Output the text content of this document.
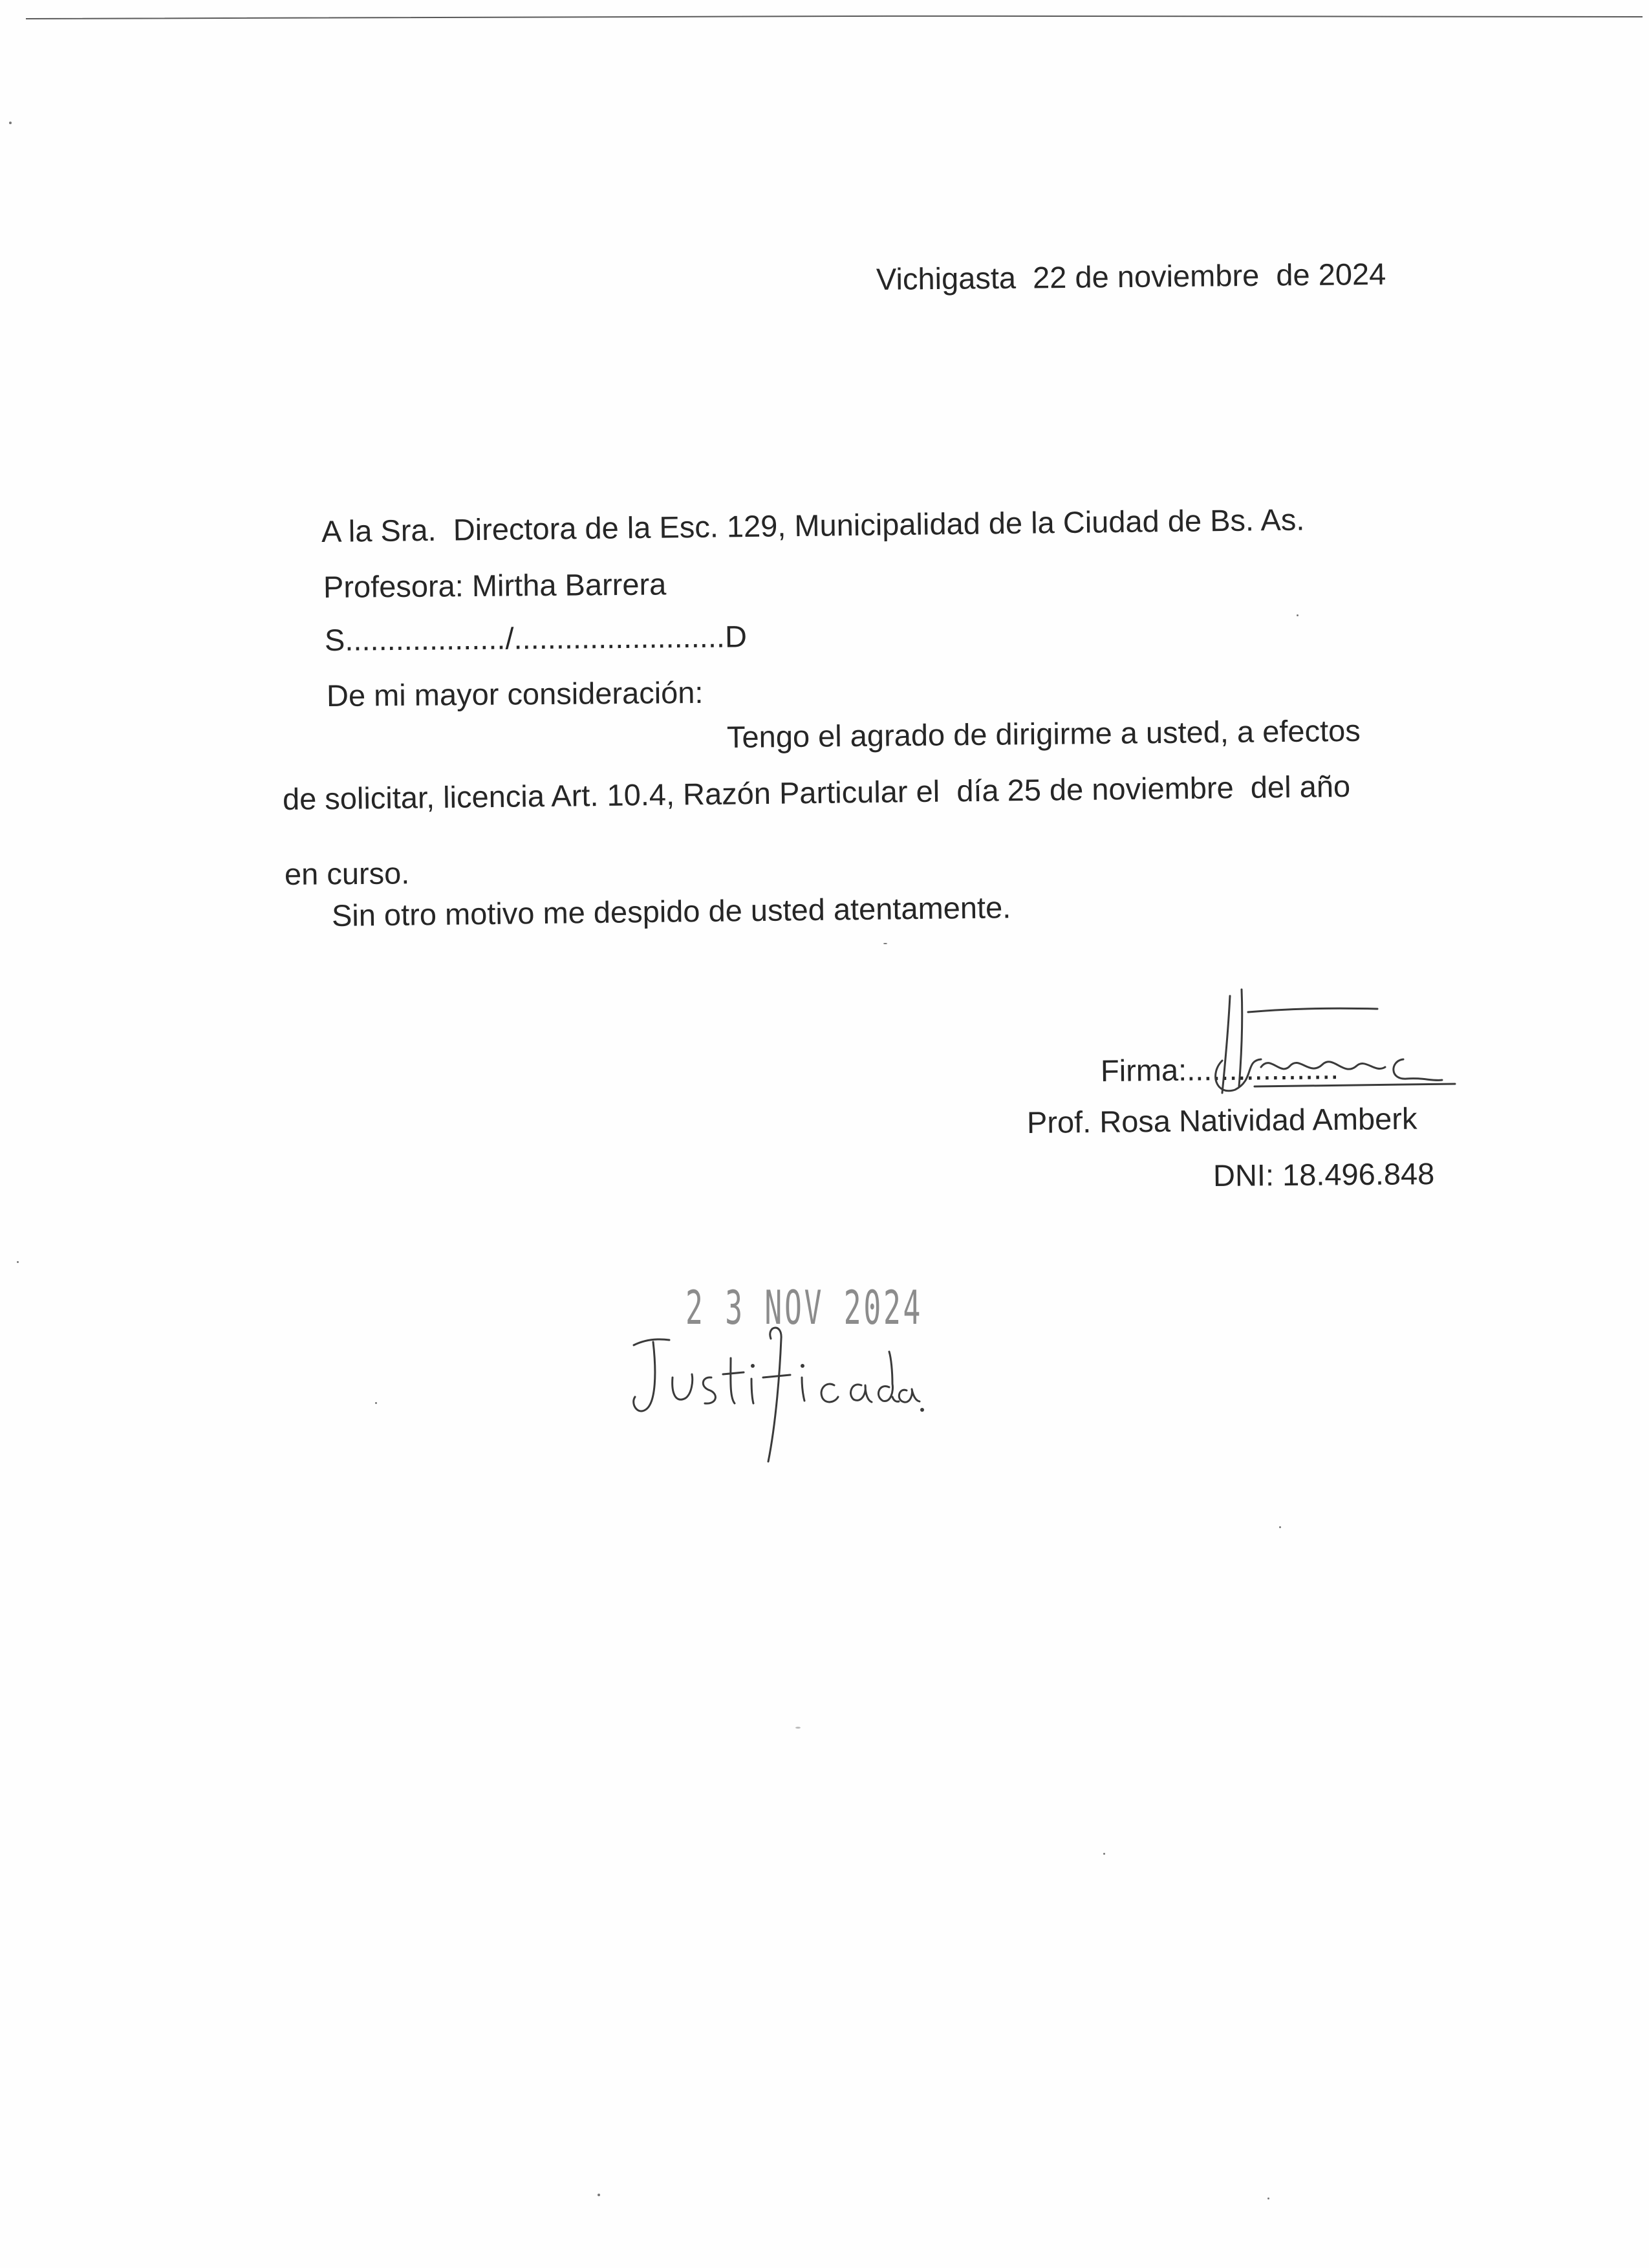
Vichigasta  22 de noviembre  de 2024
A la Sra.  Directora de la Esc. 129, Municipalidad de la Ciudad de Bs. As.
Profesora: Mirtha Barrera
S.................../.........................D
De mi mayor consideración:
Tengo el agrado de dirigirme a usted, a efectos
de solicitar, licencia Art. 10.4, Razón Particular el  día 25 de noviembre  del año
en curso.
Sin otro motivo me despido de usted atentamente.
Firma:..................
Prof. Rosa Natividad Amberk
DNI: 18.496.848
2 3 NOV 2024
